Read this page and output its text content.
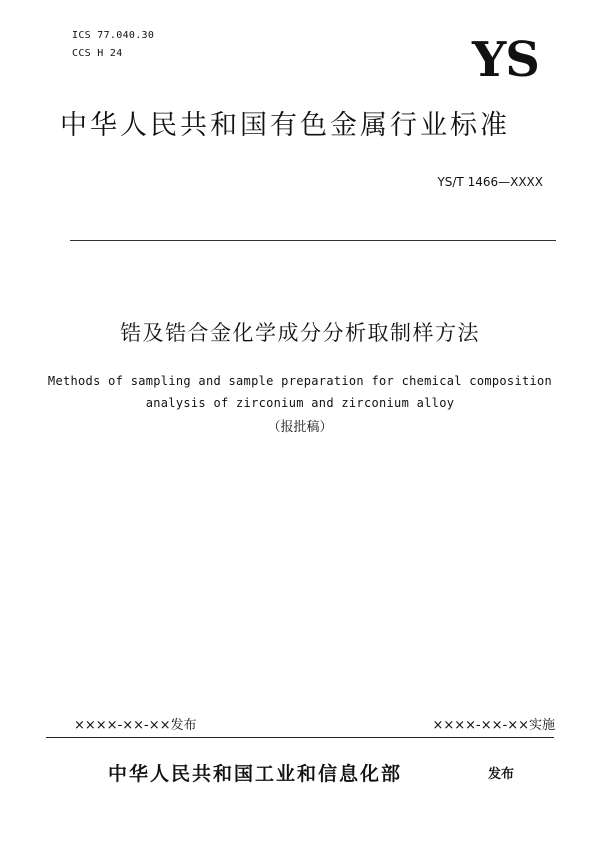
ICS 77.040.30
CCS H 24	YS
中华人民共和国有色金属行业标准
YS/T 1466—XXXX
锆及锆合金化学成分分析取制样方法
Methods of sampling and sample preparation for chemical composition
analysis of zirconium and zirconium alloy
（报批稿）
××××-××-××发布	××××-××-××实施
中华人民共和国工业和信息化部	发布
